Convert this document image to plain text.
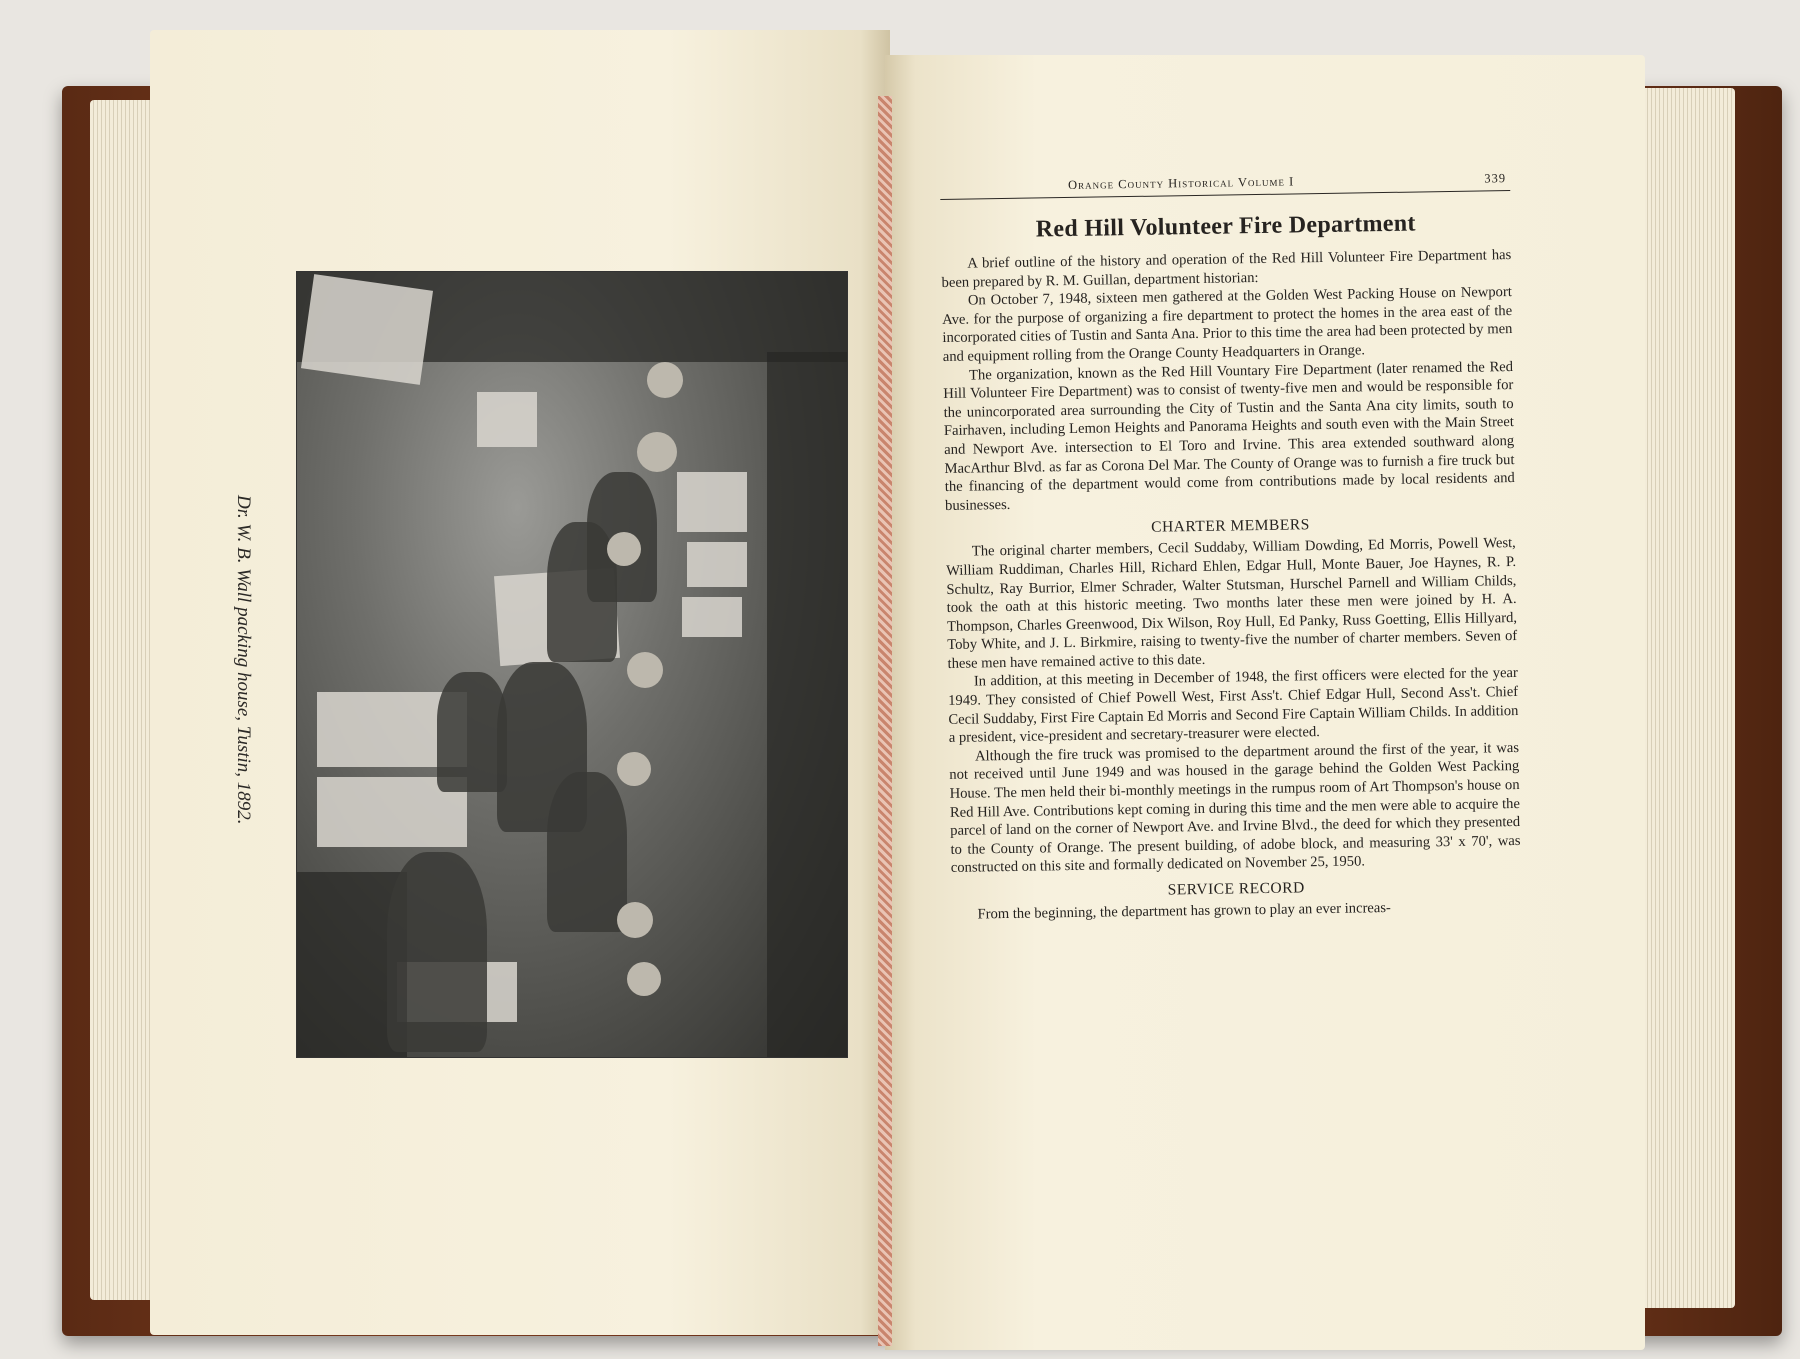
Dr. W. B. Wall packing house, Tustin, 1892.
Orange County Historical Volume I	339
Red Hill Volunteer Fire Department

A brief outline of the history and operation of the Red Hill Volunteer Fire Department has been prepared by R. M. Guillan, department historian:

On October 7, 1948, sixteen men gathered at the Golden West Packing House on Newport Ave. for the purpose of organizing a fire department to protect the homes in the area east of the incorporated cities of Tustin and Santa Ana. Prior to this time the area had been protected by men and equipment rolling from the Orange County Headquarters in Orange.

The organization, known as the Red Hill Vountary Fire Department (later renamed the Red Hill Volunteer Fire Department) was to consist of twenty-five men and would be responsible for the unincorporated area surrounding the City of Tustin and the Santa Ana city limits, south to Fairhaven, including Lemon Heights and Panorama Heights and south even with the Main Street and Newport Ave. intersection to El Toro and Irvine. This area extended southward along MacArthur Blvd. as far as Corona Del Mar. The County of Orange was to furnish a fire truck but the financing of the department would come from contributions made by local residents and businesses.

CHARTER MEMBERS

The original charter members, Cecil Suddaby, William Dowding, Ed Morris, Powell West, William Ruddiman, Charles Hill, Richard Ehlen, Edgar Hull, Monte Bauer, Joe Haynes, R. P. Schultz, Ray Burrior, Elmer Schrader, Walter Stutsman, Hurschel Parnell and William Childs, took the oath at this historic meeting. Two months later these men were joined by H. A. Thompson, Charles Greenwood, Dix Wilson, Roy Hull, Ed Panky, Russ Goetting, Ellis Hillyard, Toby White, and J. L. Birkmire, raising to twenty-five the number of charter members. Seven of these men have remained active to this date.

In addition, at this meeting in December of 1948, the first officers were elected for the year 1949. They consisted of Chief Powell West, First Ass't. Chief Edgar Hull, Second Ass't. Chief Cecil Suddaby, First Fire Captain Ed Morris and Second Fire Captain William Childs. In addition a president, vice-president and secretary-treasurer were elected.

Although the fire truck was promised to the department around the first of the year, it was not received until June 1949 and was housed in the garage behind the Golden West Packing House. The men held their bi-monthly meetings in the rumpus room of Art Thompson's house on Red Hill Ave. Contributions kept coming in during this time and the men were able to acquire the parcel of land on the corner of Newport Ave. and Irvine Blvd., the deed for which they presented to the County of Orange. The present building, of adobe block, and measuring 33' x 70', was constructed on this site and formally dedicated on November 25, 1950.

SERVICE RECORD

From the beginning, the department has grown to play an ever increas-
